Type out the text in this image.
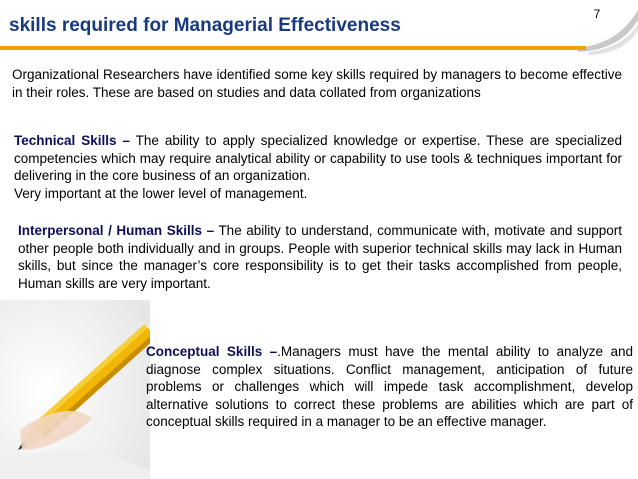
7
skills required for Managerial Effectiveness
Organizational Researchers have identified some key skills required by managers to become effective in their roles. These are based on studies and data collated from organizations
Technical Skills – The ability to apply specialized knowledge or expertise. These are specialized competencies which may require analytical ability or capability to use tools & techniques important for delivering in the core business of an organization.
Very important at the lower level of management.
Interpersonal / Human Skills – The ability to understand, communicate with, motivate and support other people both individually and in groups. People with superior technical skills may lack in Human skills, but since the manager’s core responsibility is to get their tasks accomplished from people, Human skills are very important.
Conceptual Skills –.Managers must have the mental ability to analyze and diagnose complex situations. Conflict management, anticipation of future problems or challenges which will impede task accomplishment, develop alternative solutions to correct these problems are abilities which are part of conceptual skills required in a manager to be an effective manager.
